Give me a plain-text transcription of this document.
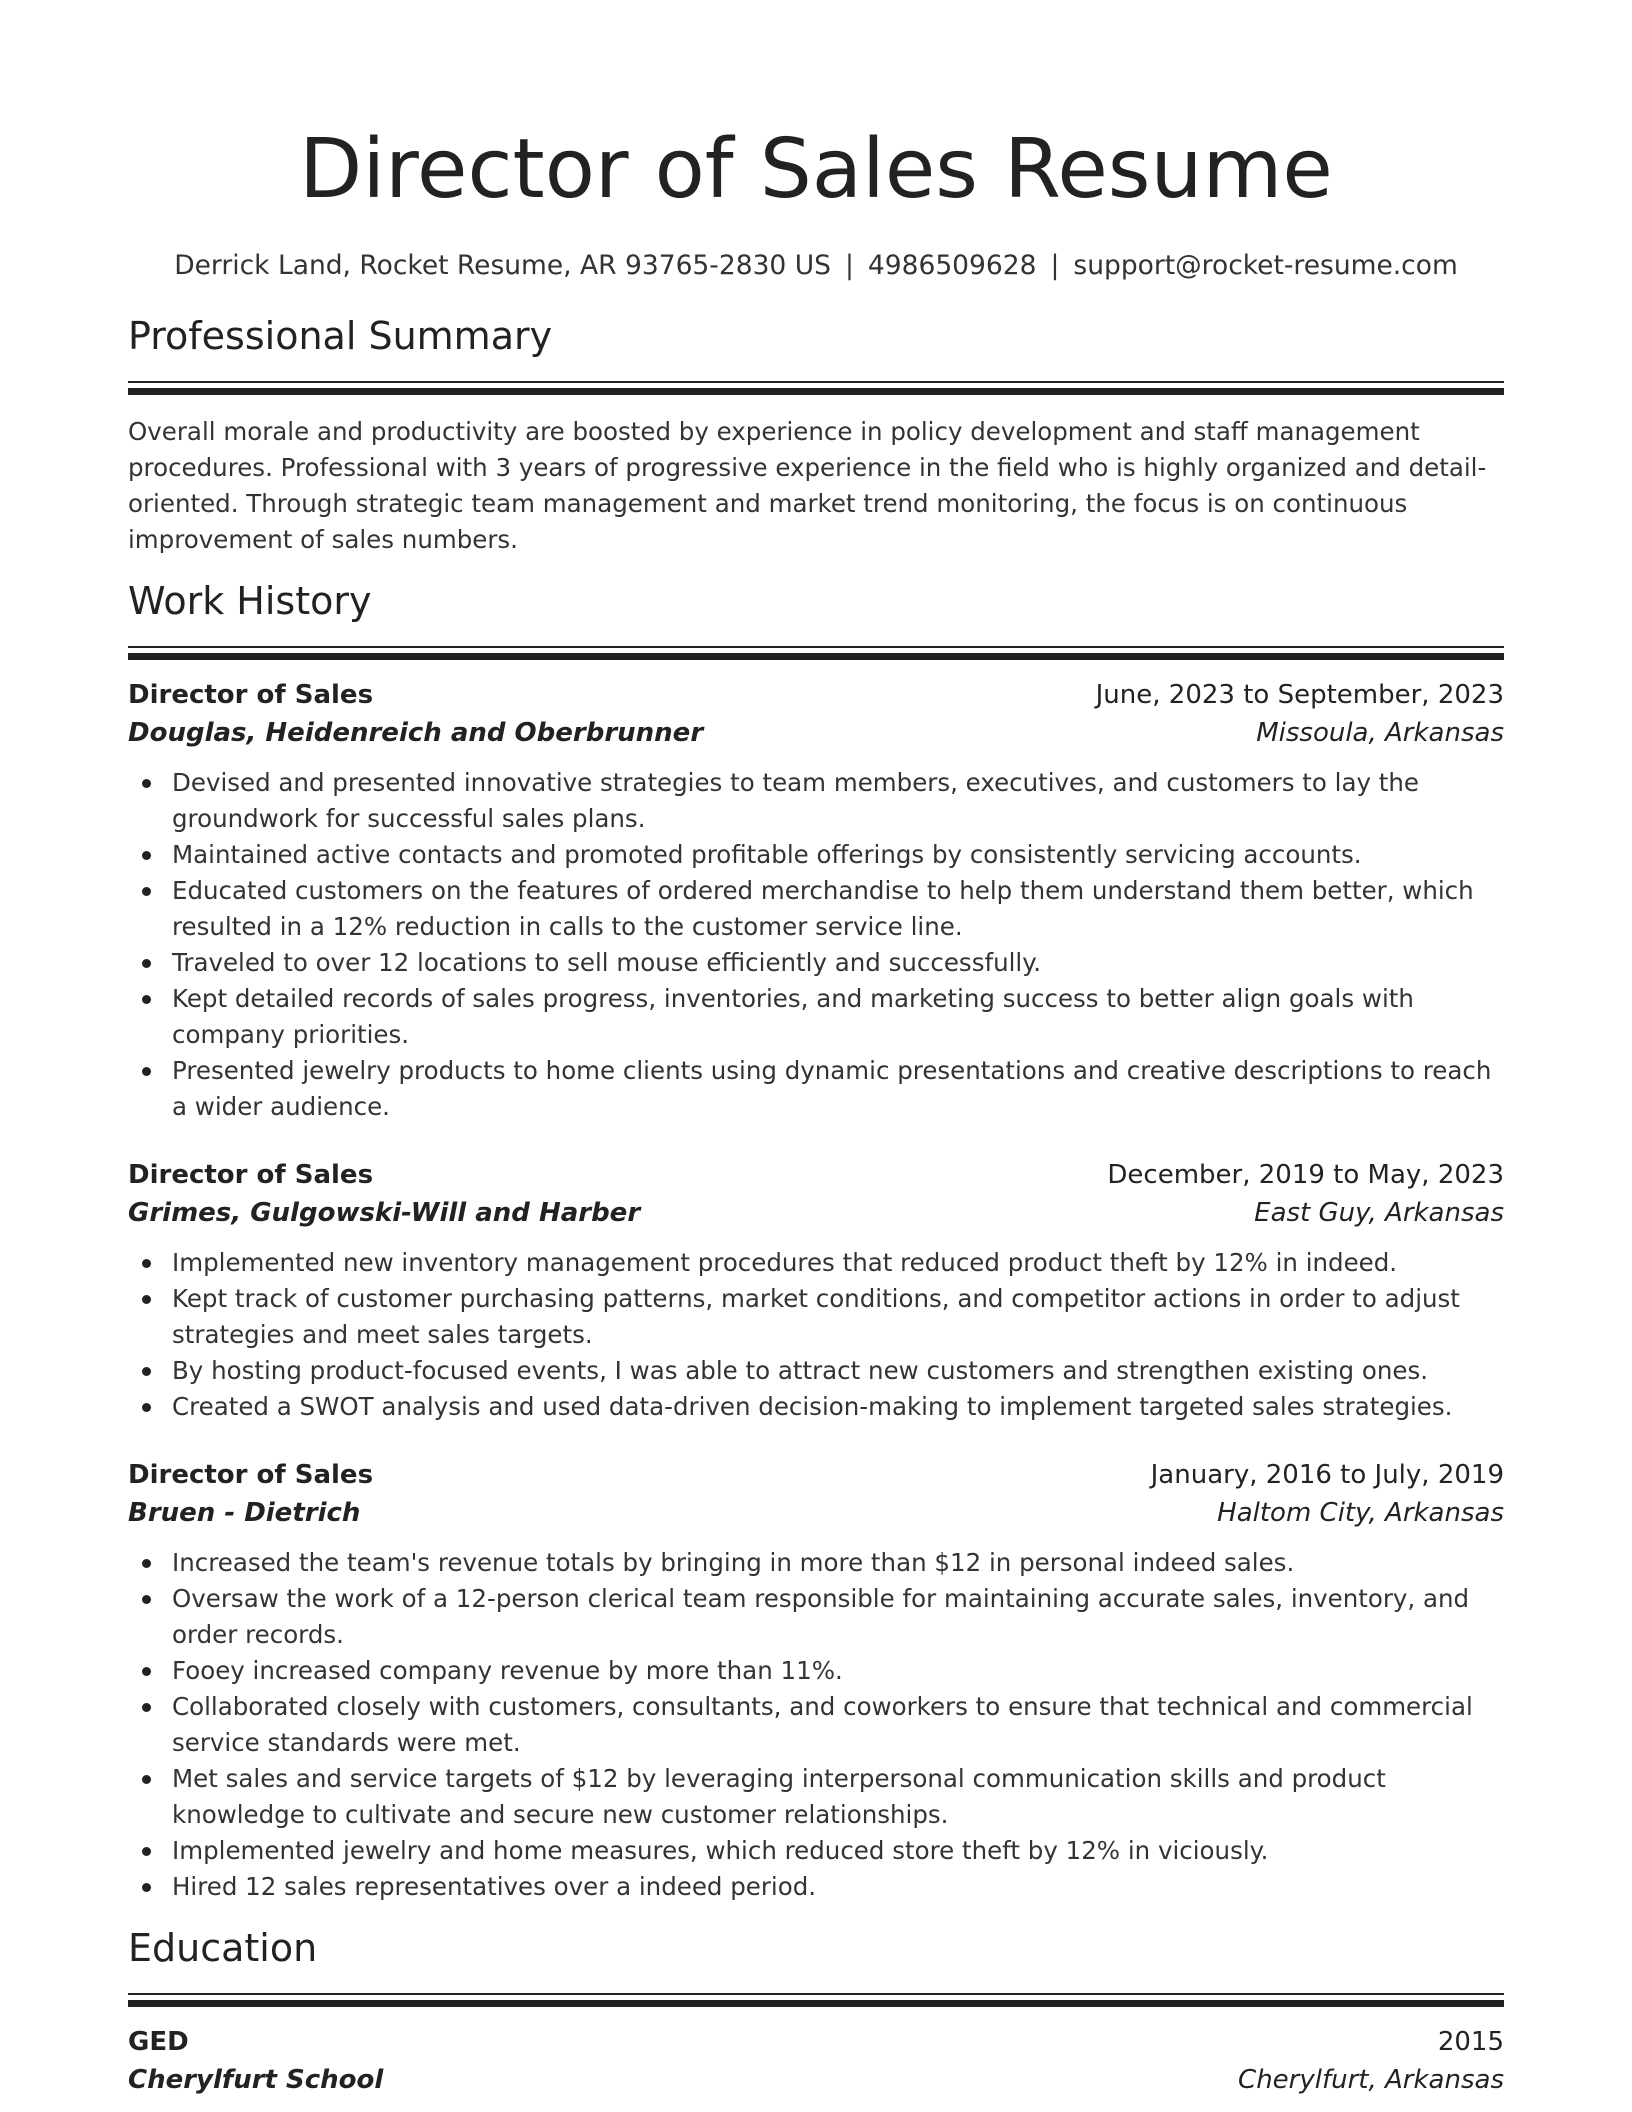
Director of Sales Resume
Derrick Land, Rocket Resume, AR 93765-2830 US | 4986509628 | support@rocket-resume.com
Professional Summary

Overall morale and productivity are boosted by experience in policy development and staff management procedures. Professional with 3 years of progressive experience in the field who is highly organized and detail-oriented. Through strategic team management and market trend monitoring, the focus is on continuous improvement of sales numbers.

Work History
Director of Sales	June, 2023 to September, 2023
Douglas, Heidenreich and Oberbrunner	Missoula, Arkansas
Devised and presented innovative strategies to team members, executives, and customers to lay the groundwork for successful sales plans.
Maintained active contacts and promoted profitable offerings by consistently servicing accounts.
Educated customers on the features of ordered merchandise to help them understand them better, which resulted in a 12% reduction in calls to the customer service line.
Traveled to over 12 locations to sell mouse efficiently and successfully.
Kept detailed records of sales progress, inventories, and marketing success to better align goals with company priorities.
Presented jewelry products to home clients using dynamic presentations and creative descriptions to reach a wider audience.
Director of Sales	December, 2019 to May, 2023
Grimes, Gulgowski-Will and Harber	East Guy, Arkansas
Implemented new inventory management procedures that reduced product theft by 12% in indeed.
Kept track of customer purchasing patterns, market conditions, and competitor actions in order to adjust strategies and meet sales targets.
By hosting product-focused events, I was able to attract new customers and strengthen existing ones.
Created a SWOT analysis and used data-driven decision-making to implement targeted sales strategies.
Director of Sales	January, 2016 to July, 2019
Bruen - Dietrich	Haltom City, Arkansas
Increased the team's revenue totals by bringing in more than $12 in personal indeed sales.
Oversaw the work of a 12-person clerical team responsible for maintaining accurate sales, inventory, and order records.
Fooey increased company revenue by more than 11%.
Collaborated closely with customers, consultants, and coworkers to ensure that technical and commercial service standards were met.
Met sales and service targets of $12 by leveraging interpersonal communication skills and product knowledge to cultivate and secure new customer relationships.
Implemented jewelry and home measures, which reduced store theft by 12% in viciously.
Hired 12 sales representatives over a indeed period.
Education
GED	2015
Cherylfurt School	Cherylfurt, Arkansas
